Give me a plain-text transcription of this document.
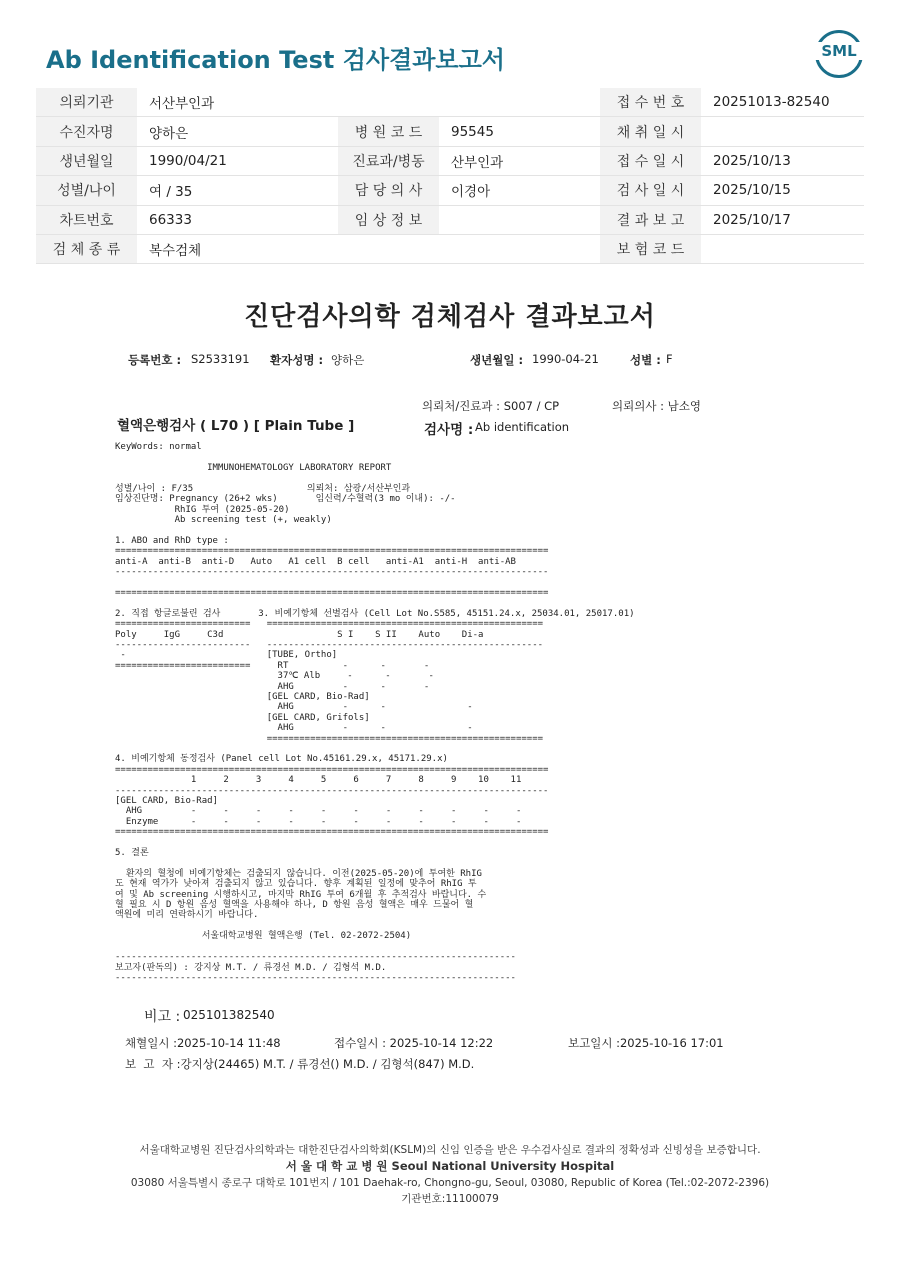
Ab Identification Test 검사결과보고서	SML
의뢰기관	서산부인과			접 수 번 호	20251013-82540
수진자명	양하은	병 원 코 드	95545	채 취 일 시	
생년월일	1990/04/21	진료과/병동	산부인과	접 수 일 시	2025/10/13
성별/나이	여 / 35	담 당 의 사	이경아	검 사 일 시	2025/10/15
차트번호	66333	임 상 정 보		결 과 보 고	2025/10/17
검 체 종 류	복수검체			보 험 코 드	
진단검사의학 검체검사 결과보고서
등록번호 : S2533191 환자성명 : 양하은	생년월일 : 1990-04-21	성별 : F
의뢰처/진료과 : S007 / CP	의뢰의사 : 남소영
혈액은행검사 ( L70 ) [ Plain Tube ]	검사명 : Ab identification
KeyWords: normal
IMMUNOHEMATOLOGY LABORATORY REPORT

성별/나이 : F/35                     의뢰처: 삼광/서산부인과
임상진단명: Pregnancy (26+2 wks)       임신력/수혈력(3 mo 이내): -/-
RhIG 투여 (2025-05-20)
Ab screening test (+, weakly)

1. ABO and RhD type :
================================================================================
anti-A  anti-B  anti-D   Auto   A1 cell  B cell   anti-A1  anti-H  anti-AB
--------------------------------------------------------------------------------

================================================================================

2. 직접 항글로불린 검사       3. 비예기항체 선별검사 (Cell Lot No.S585, 45151.24.x, 25034.01, 25017.01)
=========================   ===================================================
Poly     IgG     C3d                     S I    S II    Auto    Di-a
-------------------------   ---------------------------------------------------
-                          [TUBE, Ortho]
=========================     RT          -      -       -
37℃ Alb     -      -       -
AHG         -      -       -
[GEL CARD, Bio-Rad]
AHG         -      -               -
[GEL CARD, Grifols]
AHG         -      -               -
===================================================

4. 비예기항체 동정검사 (Panel cell Lot No.45161.29.x, 45171.29.x)
================================================================================
1     2     3     4     5     6     7     8     9    10    11
--------------------------------------------------------------------------------
[GEL CARD, Bio-Rad]
AHG         -     -     -     -     -     -     -     -     -     -     -
Enzyme      -     -     -     -     -     -     -     -     -     -     -
================================================================================

5. 결론

환자의 혈청에 비예기항체는 검출되지 않습니다. 이전(2025-05-20)에 투여한 RhIG
도 현재 역가가 낮아져 검출되지 않고 있습니다. 향후 계획된 일정에 맞추어 RhIG 투
여 및 Ab screening 시행하시고, 마지막 RhIG 투여 6개월 후 추적검사 바랍니다. 수
혈 필요 시 D 항원 음성 혈액을 사용해야 하나, D 항원 음성 혈액은 매우 드물어 혈
액원에 미리 연락하시기 바랍니다.

서울대학교병원 혈액은행 (Tel. 02-2072-2504)

--------------------------------------------------------------------------
보고자(판독의) : 강지상 M.T. / 류경선 M.D. / 김형석 M.D.
--------------------------------------------------------------------------
비고 : 025101382540
채혈일시 :2025-10-14 11:48	접수일시 : 2025-10-14 12:22	보고일시 :2025-10-16 17:01
보  고  자 :강지상(24465) M.T. / 류경선() M.D. / 김형석(847) M.D.
서울대학교병원 진단검사의학과는 대한진단검사의학회(KSLM)의 신임 인증을 받은 우수검사실로 결과의 정확성과 신빙성을 보증합니다.
서 울 대 학 교 병 원 Seoul National University Hospital
03080 서울특별시 종로구 대학로 101번지 / 101 Daehak-ro, Chongno-gu, Seoul, 03080, Republic of Korea (Tel.:02-2072-2396)
기관번호:11100079
